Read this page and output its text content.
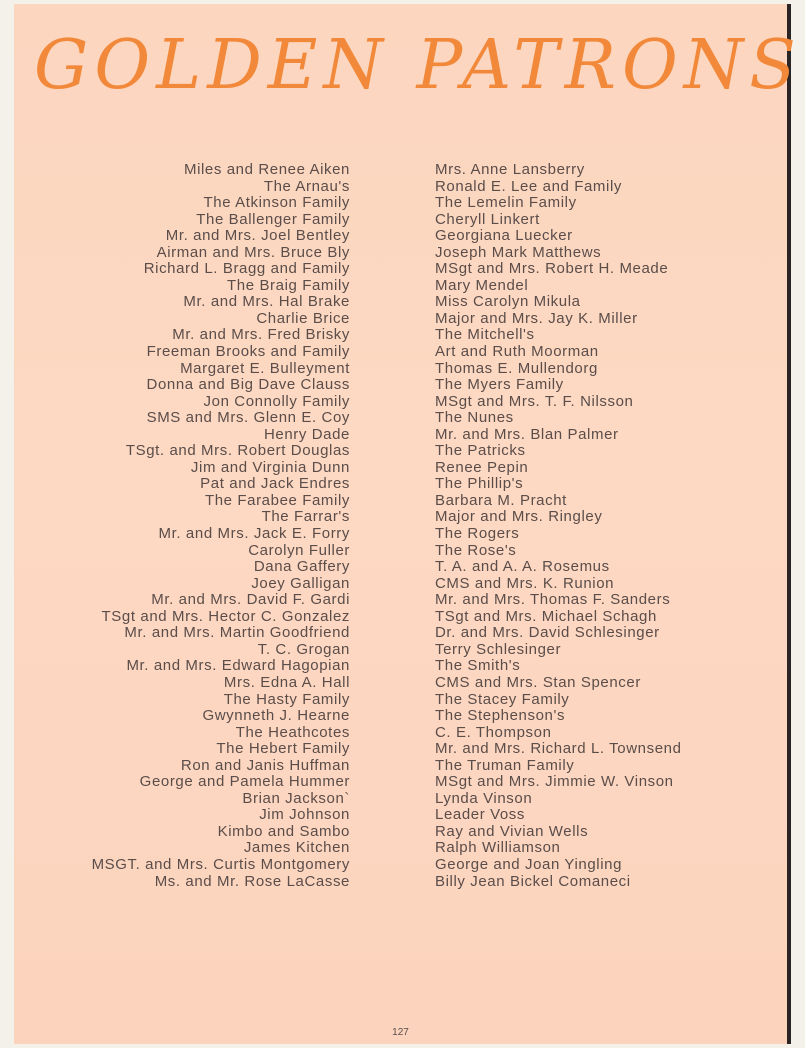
GOLDEN PATRONS
Miles and Renee Aiken
The Arnau's
The Atkinson Family
The Ballenger Family
Mr. and Mrs. Joel Bentley
Airman and Mrs. Bruce Bly
Richard L. Bragg and Family
The Braig Family
Mr. and Mrs. Hal Brake
Charlie Brice
Mr. and Mrs. Fred Brisky
Freeman Brooks and Family
Margaret E. Bulleyment
Donna and Big Dave Clauss
Jon Connolly Family
SMS and Mrs. Glenn E. Coy
Henry Dade
TSgt. and Mrs. Robert Douglas
Jim and Virginia Dunn
Pat and Jack Endres
The Farabee Family
The Farrar's
Mr. and Mrs. Jack E. Forry
Carolyn Fuller
Dana Gaffery
Joey Galligan
Mr. and Mrs. David F. Gardi
TSgt and Mrs. Hector C. Gonzalez
Mr. and Mrs. Martin Goodfriend
T. C. Grogan
Mr. and Mrs. Edward Hagopian
Mrs. Edna A. Hall
The Hasty Family
Gwynneth J. Hearne
The Heathcotes
The Hebert Family
Ron and Janis Huffman
George and Pamela Hummer
Brian Jackson`
Jim Johnson
Kimbo and Sambo
James Kitchen
MSGT. and Mrs. Curtis Montgomery
Ms. and Mr. Rose LaCasse
Mrs. Anne Lansberry
Ronald E. Lee and Family
The Lemelin Family
Cheryll Linkert
Georgiana Luecker
Joseph Mark Matthews
MSgt and Mrs. Robert H. Meade
Mary Mendel
Miss Carolyn Mikula
Major and Mrs. Jay K. Miller
The Mitchell's
Art and Ruth Moorman
Thomas E. Mullendorg
The Myers Family
MSgt and Mrs. T. F. Nilsson
The Nunes
Mr. and Mrs. Blan Palmer
The Patricks
Renee Pepin
The Phillip's
Barbara M. Pracht
Major and Mrs. Ringley
The Rogers
The Rose's
T. A. and A. A. Rosemus
CMS and Mrs. K. Runion
Mr. and Mrs. Thomas F. Sanders
TSgt and Mrs. Michael Schagh
Dr. and Mrs. David Schlesinger
Terry Schlesinger
The Smith's
CMS and Mrs. Stan Spencer
The Stacey Family
The Stephenson's
C. E. Thompson
Mr. and Mrs. Richard L. Townsend
The Truman Family
MSgt and Mrs. Jimmie W. Vinson
Lynda Vinson
Leader Voss
Ray and Vivian Wells
Ralph Williamson
George and Joan Yingling
Billy Jean Bickel Comaneci
127
